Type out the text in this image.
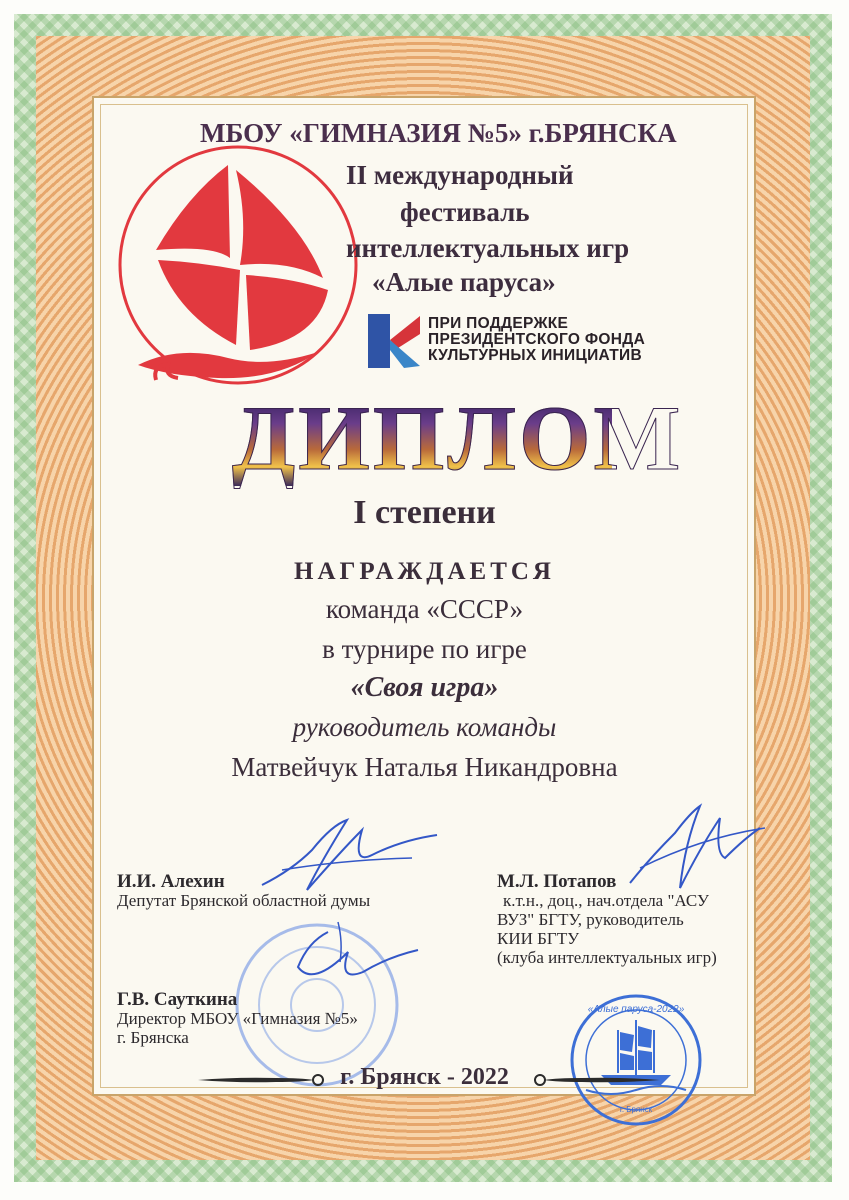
МБОУ «ГИМНАЗИЯ №5» г.БРЯНСКА
II международный
фестиваль
интеллектуальных игр
«Алые паруса»
ПРИ ПОДДЕРЖКЕ
ПРЕЗИДЕНТСКОГО ФОНДА
КУЛЬТУРНЫХ ИНИЦИАТИВ
ДИПЛОМ
I степени
НАГРАЖДАЕТСЯ
команда «СССР»
в турнире по игре
«Своя игра»
руководитель команды
Матвейчук Наталья Никандровна
И.И. Алехин
Депутат Брянской областной думы
М.Л. Потапов
к.т.н., доц., нач.отдела "АСУ
ВУЗ" БГТУ, руководитель
КИИ БГТУ
(клуба интеллектуальных игр)
Г.В. Сауткина
Директор МБОУ «Гимназия №5»
г. Брянска
«Алые паруса-2022»
г. Брянск
г. Брянск - 2022
